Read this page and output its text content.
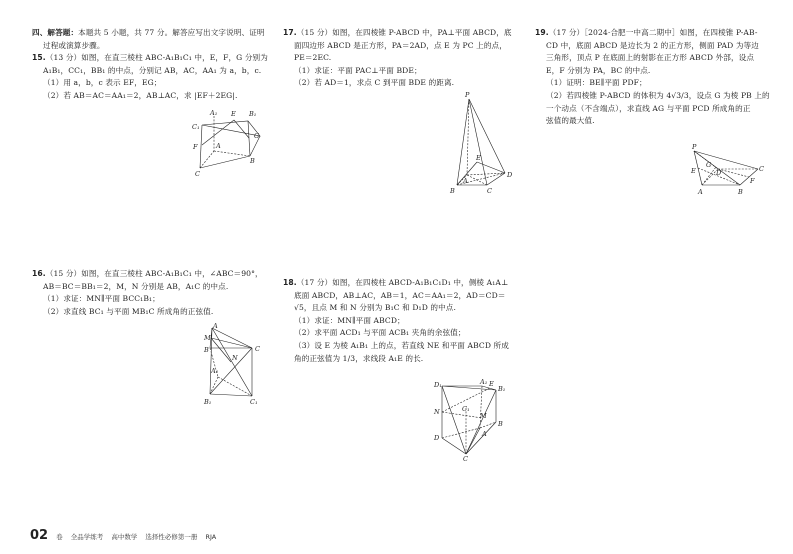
四、解答题：本题共 5 小题，共 77 分。解答应写出文字说明、证明

过程或演算步骤。

15.（13 分）如图，在直三棱柱 ABC-A₁B₁C₁ 中，E，F，G 分别为

A₁B₁，CC₁，BB₁ 的中点，分别记 AB，AC，AA₁ 为 a，b，c.

（1）用 a，b，c 表示 EF，EG；

（2）若 AB＝AC＝AA₁＝2，AB⊥AC，求 |EF＋2EG|.

A₁ E B₁
C₁
G
F	A
B
C

16.（15 分）如图，在直三棱柱 ABC-A₁B₁C₁ 中，∠ABC＝90°，

AB＝BC＝BB₁＝2，M，N 分别是 AB，A₁C 的中点.

（1）求证：MN∥平面 BCC₁B₁；

（2）求直线 BC₁ 与平面 MB₁C 所成角的正弦值.

A
M
N
C
A₁
B
B₁	C₁

17.（15 分）如图，在四棱锥 P-ABCD 中，PA⊥平面 ABCD，底

面四边形 ABCD 是正方形，PA＝2AD，点 E 为 PC 上的点，

PE＝2EC.

（1）求证：平面 PAC⊥平面 BDE；

（2）若 AD＝1，求点 C 到平面 BDE 的距离.

P
E
A
D
B	C

18.（17 分）如图，在四棱柱 ABCD-A₁B₁C₁D₁ 中，侧棱 A₁A⊥

底面 ABCD，AB⊥AC，AB＝1，AC＝AA₁＝2，AD＝CD＝

√5，且点 M 和 N 分别为 B₁C 和 D₁D 的中点.

（1）求证：MN∥平面 ABCD；

（2）求平面 ACD₁ 与平面 ACB₁ 夹角的余弦值；

（3）设 E 为棱 A₁B₁ 上的点，若直线 NE 和平面 ABCD 所成

角的正弦值为 1/3，求线段 A₁E 的长.

D₁	A₁ E
B₁
C₁
M
N
A
D
B
C

19.（17 分）［2024·合肥一中高二期中］如图，在四棱锥 P-AB-

CD 中，底面 ABCD 是边长为 2 的正方形，侧面 PAD 为等边

三角形，顶点 P 在底面上的射影在正方形 ABCD 外部，设点

E，F 分别为 PA，BC 的中点.

（1）证明：BE∥平面 PDF；

（2）若四棱锥 P-ABCD 的体积为 4√3/3，设点 G 为棱 PB 上的

一个动点（不含端点），求直线 AG 与平面 PCD 所成角的正

弦值的最大值.

P
E
G
D	C
F
A	B
02 卷 全品学练考 高中数学 选择性必修第一册 RJA
